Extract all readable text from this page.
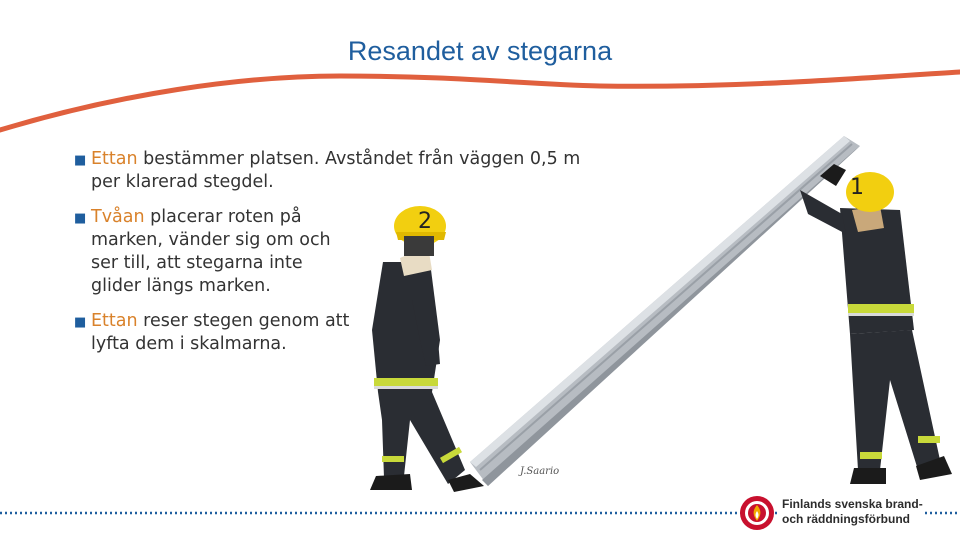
Resandet av stegarna
2
1
J.Saario
■ Ettan bestämmer platsen. Avståndet från väggen 0,5 m per klarerad stegdel.
■ Tvåan placerar roten på marken, vänder sig om och ser till, att stegarna inte glider längs marken.
■ Ettan reser stegen genom att lyfta dem i skalmarna.
Finlands svenska brand-
och räddningsförbund
